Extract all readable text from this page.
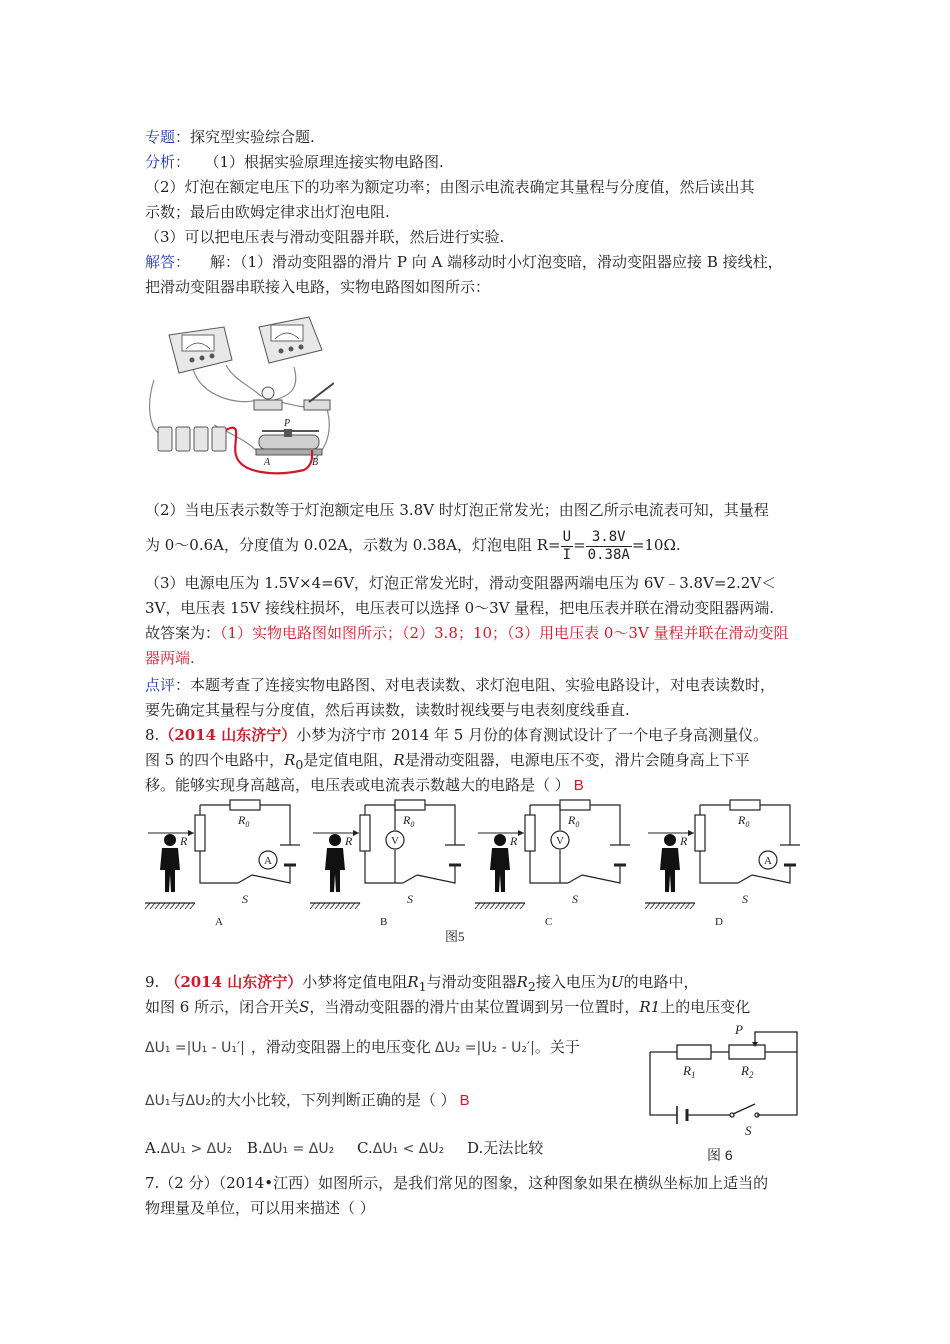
专题：探究型实验综合题.
分析： （1）根据实验原理连接实物电路图.
（2）灯泡在额定电压下的功率为额定功率；由图示电流表确定其量程与分度值，然后读出其
示数；最后由欧姆定律求出灯泡电阻.
（3）可以把电压表与滑动变阻器并联，然后进行实验.
解答： 解：（1）滑动变阻器的滑片 P 向 A 端移动时小灯泡变暗，滑动变阻器应接 B 接线柱，
把滑动变阻器串联接入电路，实物电路图如图所示：
P
A	B
（2）当电压表示数等于灯泡额定电压 3.8V 时灯泡正常发光；由图乙所示电流表可知，其量程
为 0～0.6A，分度值为 0.02A，示数为 0.38A，灯泡电阻 $R= \frac{U}{I} = \frac{3.8V}{0.38A} =10\Omega$.
（3）电源电压为 1.5V×4=6V，灯泡正常发光时，滑动变阻器两端电压为 6V﹣3.8V=2.2V＜
3V，电压表 15V 接线柱损坏，电压表可以选择 0～3V 量程，把电压表并联在滑动变阻器两端.
故答案为：（1）实物电路图如图所示；（2）3.8；10；（3）用电压表 0～3V 量程并联在滑动变阻
器两端.
点评：本题考查了连接实物电路图、对电表读数、求灯泡电阻、实验电路设计，对电表读数时，
要先确定其量程与分度值，然后再读数，读数时视线要与电表刻度线垂直.
8.（2014 山东济宁）小梦为济宁市 2014 年 5 月份的体育测试设计了一个电子身高测量仪。
图 5 的四个电路中，$R_0$是定值电阻，R是滑动变阻器，电源电压不变，滑片会随身高上下平
移。能够实现身高越高，电压表或电流表示数越大的电路是（ ） B
A
R
$R_0$
S
A
V
R
$R_0$
S
B
V
R
$R_0$
S
C
A
R
$R_0$
S
D
图5
9. （2014 山东济宁）小梦将定值电阻$R_1$与滑动变阻器$R_2$接入电压为U的电路中，
如图 6 所示，闭合开关S，当滑动变阻器的滑片由某位置调到另一位置时，R1上的电压变化
ΔU₁ =|U₁ - U₁′| ，滑动变阻器上的电压变化 ΔU₂ =|U₂ - U₂′|。关于
ΔU₁与ΔU₂的大小比较，下列判断正确的是（ ） B
A.ΔU₁ > ΔU₂ B.ΔU₁ = ΔU₂ C.ΔU₁ < ΔU₂ D.无法比较
P
$R_1$	$R_2$
S
图 6
7.（2 分）（2014•江西）如图所示，是我们常见的图象，这种图象如果在横纵坐标加上适当的
物理量及单位，可以用来描述（ ）
